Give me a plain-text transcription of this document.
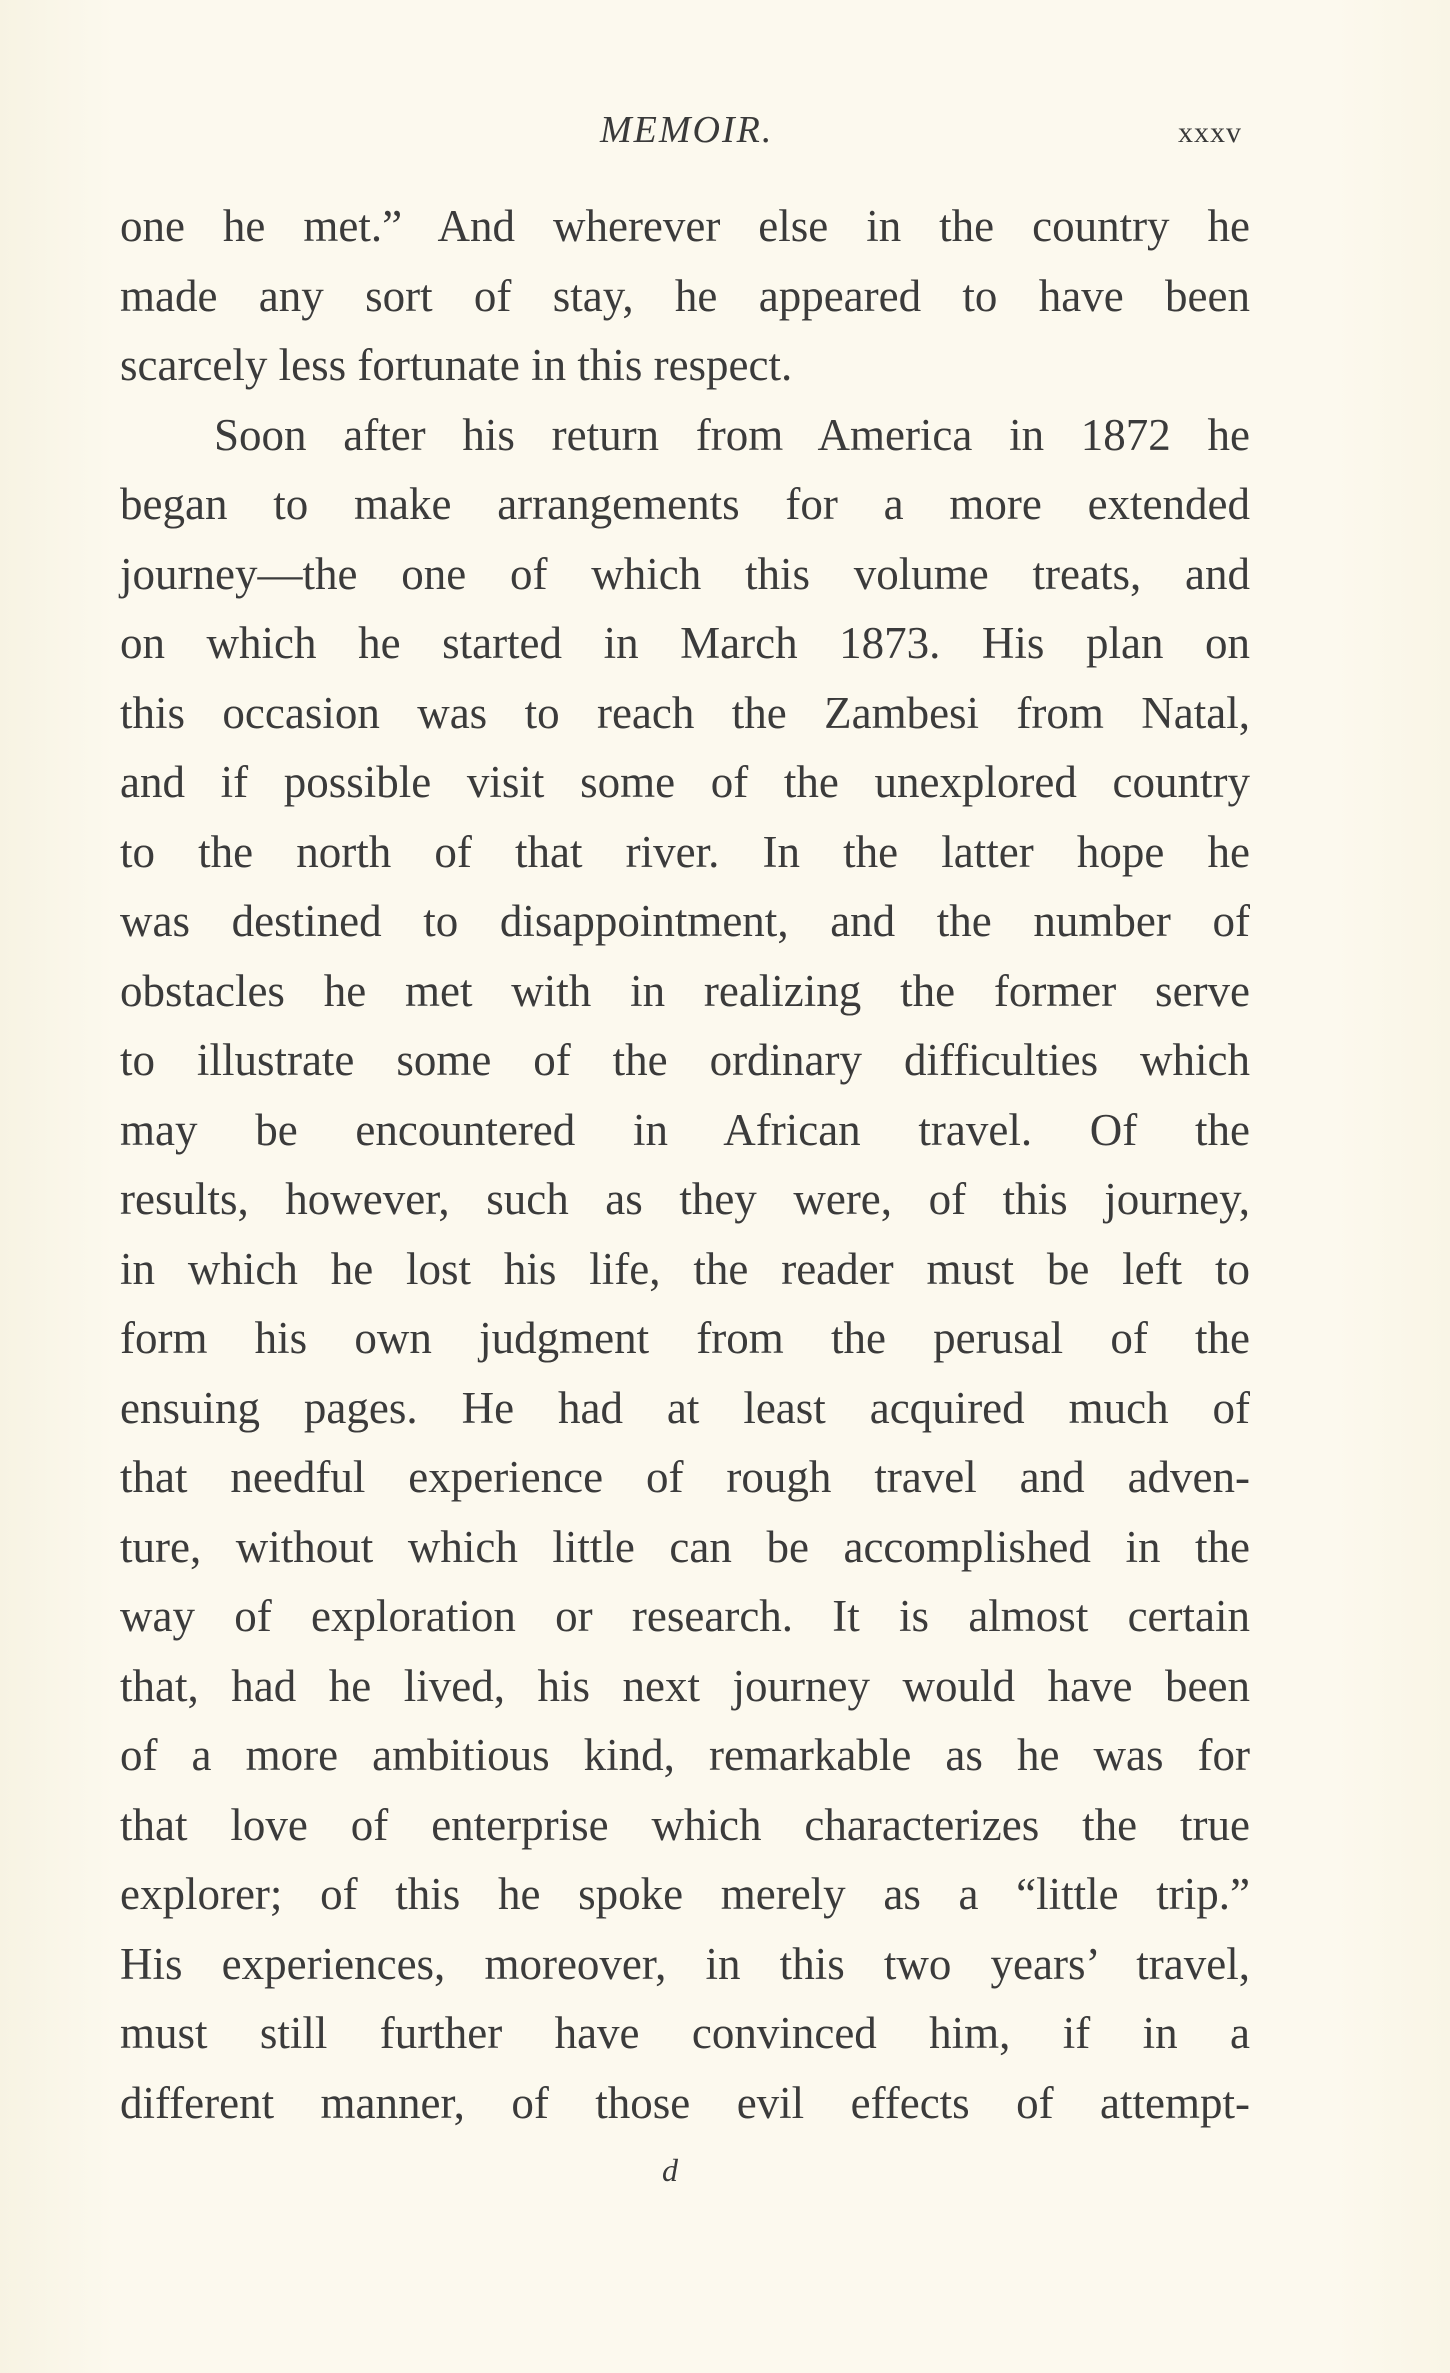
MEMOIR.	xxxv
one he met.” And wherever else in the country he
made any sort of stay, he appeared to have been
scarcely less fortunate in this respect.
Soon after his return from America in 1872 he
began to make arrangements for a more extended
journey—the one of which this volume treats, and
on which he started in March 1873. His plan on
this occasion was to reach the Zambesi from Natal,
and if possible visit some of the unexplored country
to the north of that river. In the latter hope he
was destined to disappointment, and the number of
obstacles he met with in realizing the former serve
to illustrate some of the ordinary difficulties which
may be encountered in African travel. Of the
results, however, such as they were, of this journey,
in which he lost his life, the reader must be left to
form his own judgment from the perusal of the
ensuing pages. He had at least acquired much of
that needful experience of rough travel and adven-
ture, without which little can be accomplished in the
way of exploration or research. It is almost certain
that, had he lived, his next journey would have been
of a more ambitious kind, remarkable as he was for
that love of enterprise which characterizes the true
explorer; of this he spoke merely as a “little trip.”
His experiences, moreover, in this two years’ travel,
must still further have convinced him, if in a
different manner, of those evil effects of attempt-
d
